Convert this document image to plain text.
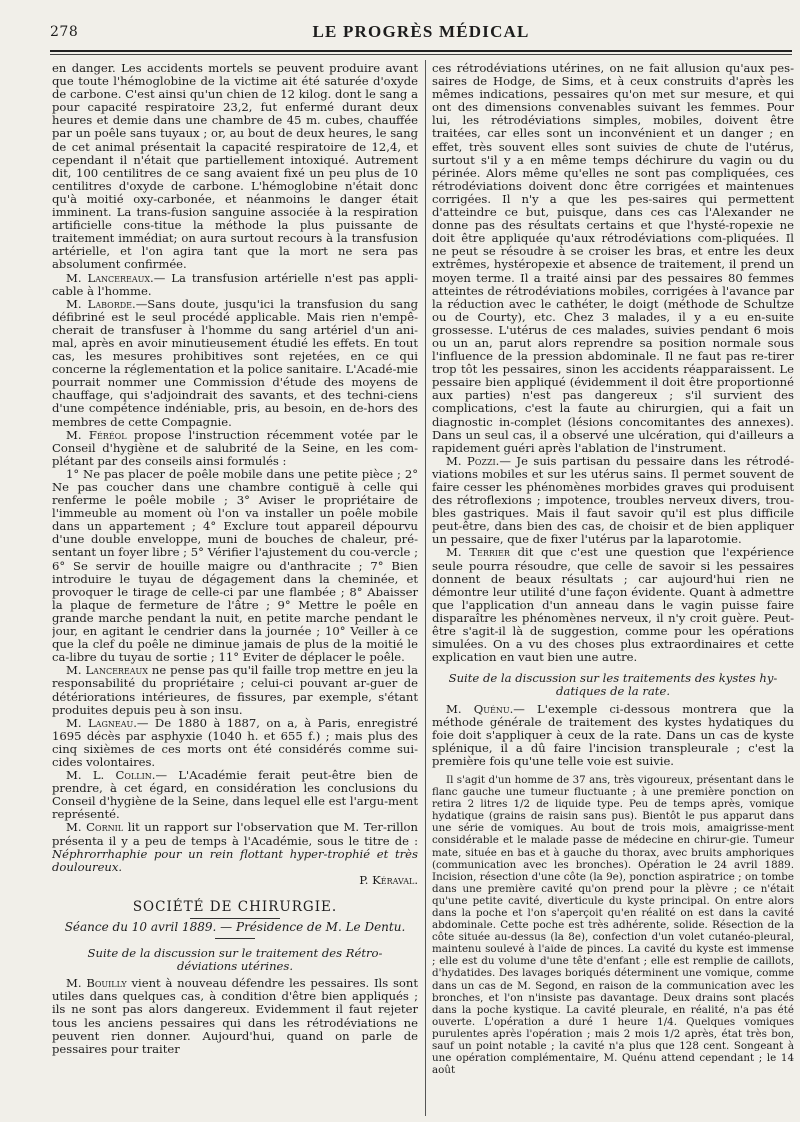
278	LE PROGRÈS MÉDICAL

en danger. Les accidents mortels se peuvent produire avant que toute l'hémoglobine de la victime ait été saturée d'oxyde de carbone. C'est ainsi qu'un chien de 12 kilog. dont le sang a pour capacité respiratoire 23,2, fut enfermé durant deux heures et demie dans une chambre de 45 m. cubes, chauffée par un poêle sans tuyaux ; or, au bout de deux heures, le sang de cet animal présentait la capacité respiratoire de 12,4, et cependant il n'était que partiellement intoxiqué. Autrement dit, 100 centilitres de ce sang avaient fixé un peu plus de 10 centilitres d'oxyde de carbone. L'hémoglobine n'était donc qu'à moitié oxy-carbonée, et néanmoins le danger était imminent. La trans-fusion sanguine associée à la respiration artificielle cons-titue la méthode la plus puissante de traitement immédiat; on aura surtout recours à la transfusion artérielle, et l'on agira tant que la mort ne sera pas absolument confirmée.

M. Lancereaux.— La transfusion artérielle n'est pas appli-cable à l'homme.

M. Laborde.—Sans doute, jusqu'ici la transfusion du sang défibriné est le seul procédé applicable. Mais rien n'empê-cherait de transfuser à l'homme du sang artériel d'un ani-mal, après en avoir minutieusement étudié les effets. En tout cas, les mesures prohibitives sont rejetées, en ce qui concerne la réglementation et la police sanitaire. L'Acadé-mie pourrait nommer une Commission d'étude des moyens de chauffage, qui s'adjoindrait des savants, et des techni-ciens d'une compétence indéniable, pris, au besoin, en de-hors des membres de cette Compagnie.

M. Féréol propose l'instruction récemment votée par le Conseil d'hygiène et de salubrité de la Seine, en les com-plétant par des conseils ainsi formulés :

1° Ne pas placer de poêle mobile dans une petite pièce ; 2° Ne pas coucher dans une chambre contiguë à celle qui renferme le poêle mobile ; 3° Aviser le propriétaire de l'immeuble au moment où l'on va installer un poêle mobile dans un appartement ; 4° Exclure tout appareil dépourvu d'une double enveloppe, muni de bouches de chaleur, pré-sentant un foyer libre ; 5° Vérifier l'ajustement du cou-vercle ; 6° Se servir de houille maigre ou d'anthracite ; 7° Bien introduire le tuyau de dégagement dans la cheminée, et provoquer le tirage de celle-ci par une flambée ; 8° Abaisser la plaque de fermeture de l'âtre ; 9° Mettre le poêle en grande marche pendant la nuit, en petite marche pendant le jour, en agitant le cendrier dans la journée ; 10° Veiller à ce que la clef du poêle ne diminue jamais de plus de la moitié le ca-libre du tuyau de sortie ; 11° Eviter de déplacer le poêle.

M. Lancereaux ne pense pas qu'il faille trop mettre en jeu la responsabilité du propriétaire ; celui-ci pouvant ar-guer de détériorations intérieures, de fissures, par exemple, s'étant produites depuis peu à son insu.

M. Lagneau.— De 1880 à 1887, on a, à Paris, enregistré 1695 décès par asphyxie (1040 h. et 655 f.) ; mais plus des cinq sixièmes de ces morts ont été considérés comme sui-cides volontaires.

M. L. Collin.— L'Académie ferait peut-être bien de prendre, à cet égard, en considération les conclusions du Conseil d'hygiène de la Seine, dans lequel elle est l'argu-ment représenté.

M. Cornil lit un rapport sur l'observation que M. Ter-rillon présenta il y a peu de temps à l'Académie, sous le titre de : Néphrorrhaphie pour un rein flottant hyper-trophié et très douloureux.

P. Kéraval.

SOCIÉTÉ DE CHIRURGIE.

Séance du 10 avril 1889. — Présidence de M. Le Dentu.

Suite de la discussion sur le traitement des Rétro-déviations utérines.

M. Bouilly vient à nouveau défendre les pessaires. Ils sont utiles dans quelques cas, à condition d'être bien appliqués ; ils ne sont pas alors dangereux. Evidemment il faut rejeter tous les anciens pessaires qui dans les rétrodéviations ne peuvent rien donner. Aujourd'hui, quand on parle de pessaires pour traiter

ces rétrodéviations utérines, on ne fait allusion qu'aux pes-saires de Hodge, de Sims, et à ceux construits d'après les mêmes indications, pessaires qu'on met sur mesure, et qui ont des dimensions convenables suivant les femmes. Pour lui, les rétrodéviations simples, mobiles, doivent être traitées, car elles sont un inconvénient et un danger ; en effet, très souvent elles sont suivies de chute de l'utérus, surtout s'il y a en même temps déchirure du vagin ou du périnée. Alors même qu'elles ne sont pas compliquées, ces rétrodéviations doivent donc être corrigées et maintenues corrigées. Il n'y a que les pes-saires qui permettent d'atteindre ce but, puisque, dans ces cas l'Alexander ne donne pas des résultats certains et que l'hysté-ropexie ne doit être appliquée qu'aux rétrodéviations com-pliquées. Il ne peut se résoudre à se croiser les bras, et entre les deux extrêmes, hystéropexie et absence de traitement, il prend un moyen terme. Il a traité ainsi par des pessaires 80 femmes atteintes de rétrodéviations mobiles, corrigées à l'avance par la réduction avec le cathéter, le doigt (méthode de Schultze ou de Courty), etc. Chez 3 malades, il y a eu en-suite grossesse. L'utérus de ces malades, suivies pendant 6 mois ou un an, parut alors reprendre sa position normale sous l'influence de la pression abdominale. Il ne faut pas re-tirer trop tôt les pessaires, sinon les accidents réapparaissent. Le pessaire bien appliqué (évidemment il doit être proportionné aux parties) n'est pas dangereux ; s'il survient des complications, c'est la faute au chirurgien, qui a fait un diagnostic in-complet (lésions concomitantes des annexes). Dans un seul cas, il a observé une ulcération, qui d'ailleurs a rapidement guéri après l'ablation de l'instrument.

M. Pozzi.— Je suis partisan du pessaire dans les rétrodé-viations mobiles et sur les utérus sains. Il permet souvent de faire cesser les phénomènes morbides graves qui produisent des rétroflexions ; impotence, troubles nerveux divers, trou-bles gastriques. Mais il faut savoir qu'il est plus difficile peut-être, dans bien des cas, de choisir et de bien appliquer un pessaire, que de fixer l'utérus par la laparotomie.

M. Terrier dit que c'est une question que l'expérience seule pourra résoudre, que celle de savoir si les pessaires donnent de beaux résultats ; car aujourd'hui rien ne démontre leur utilité d'une façon évidente. Quant à admettre que l'application d'un anneau dans le vagin puisse faire disparaître les phénomènes nerveux, il n'y croit guère. Peut-être s'agit-il là de suggestion, comme pour les opérations simulées. On a vu des choses plus extraordinaires et cette explication en vaut bien une autre.

Suite de la discussion sur les traitements des kystes hy-datiques de la rate.

M. Quénu.— L'exemple ci-dessous montrera que la méthode générale de traitement des kystes hydatiques du foie doit s'appliquer à ceux de la rate. Dans un cas de kyste splénique, il a dû faire l'incision transpleurale ; c'est la première fois qu'une telle voie est suivie.

Il s'agit d'un homme de 37 ans, très vigoureux, présentant dans le flanc gauche une tumeur fluctuante ; à une première ponction on retira 2 litres 1/2 de liquide type. Peu de temps après, vomique hydatique (grains de raisin sans pus). Bientôt le pus apparut dans une série de vomiques. Au bout de trois mois, amaigrisse-ment considérable et le malade passe de médecine en chirur-gie. Tumeur mate, située en bas et à gauche du thorax, avec bruits amphoriques (communication avec les bronches). Opération le 24 avril 1889. Incision, résection d'une côte (la 9e), ponction aspiratrice ; on tombe dans une première cavité qu'on prend pour la plèvre ; ce n'était qu'une petite cavité, diverticule du kyste principal. On entre alors dans la poche et l'on s'aperçoit qu'en réalité on est dans la cavité abdominale. Cette poche est très adhérente, solide. Résection de la côte située au-dessus (la 8e), confection d'un volet cutanéo-pleural, maintenu soulevé à l'aide de pinces. La cavité du kyste est immense ; elle est du volume d'une tête d'enfant ; elle est remplie de caillots, d'hydatides. Des lavages boriqués déterminent une vomique, comme dans un cas de M. Segond, en raison de la communication avec les bronches, et l'on n'insiste pas davantage. Deux drains sont placés dans la poche kystique. La cavité pleurale, en réalité, n'a pas été ouverte. L'opération a duré 1 heure 1/4. Quelques vomiques purulentes après l'opération ; mais 2 mois 1/2 après, état très bon, sauf un point notable ; la cavité n'a plus que 128 cent. Songeant à une opération complémentaire, M. Quénu attend cependant ; le 14 août
